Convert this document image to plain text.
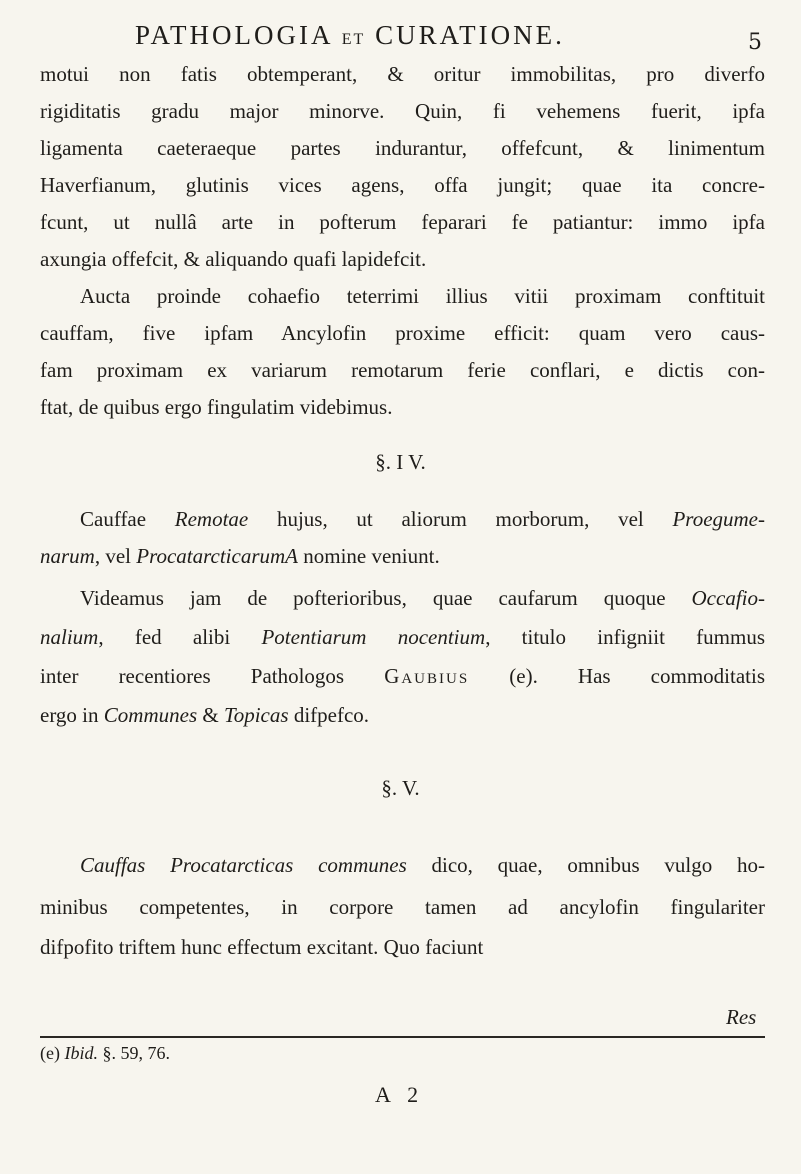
PATHOLOGIA ET CURATIONE.	5
motui non fatis obtemperant, & oritur immobilitas, pro diverfo
rigiditatis gradu major minorve. Quin, fi vehemens fuerit, ipfa
ligamenta caeteraeque partes indurantur, offefcunt, & linimentum
Haverfianum, glutinis vices agens, offa jungit; quae ita concre-
fcunt, ut nullâ arte in pofterum feparari fe patiantur: immo ipfa
axungia offefcit, & aliquando quafi lapidefcit.
Aucta proinde cohaefio teterrimi illius vitii proximam conftituit
cauffam, five ipfam Ancylofin proxime efficit: quam vero caus-
fam proximam ex variarum remotarum ferie conflari, e dictis con-
ftat, de quibus ergo fingulatim videbimus.
§. I V.
Cauffae Remotae hujus, ut aliorum morborum, vel Proegume-
narum, vel ProcatarcticarumA nomine veniunt.
Videamus jam de pofterioribus, quae caufarum quoque Occafio-
nalium, fed alibi Potentiarum nocentium, titulo infigniit fummus
inter recentiores Pathologos Gaubius (e). Has commoditatis
ergo in Communes & Topicas difpefco.
§. V.
Cauffas Procatarcticas communes dico, quae, omnibus vulgo ho-
minibus competentes, in corpore tamen ad ancylofin fingulariter
difpofito triftem hunc effectum excitant. Quo faciunt
Res
(e) Ibid. §. 59, 76.
A 2
